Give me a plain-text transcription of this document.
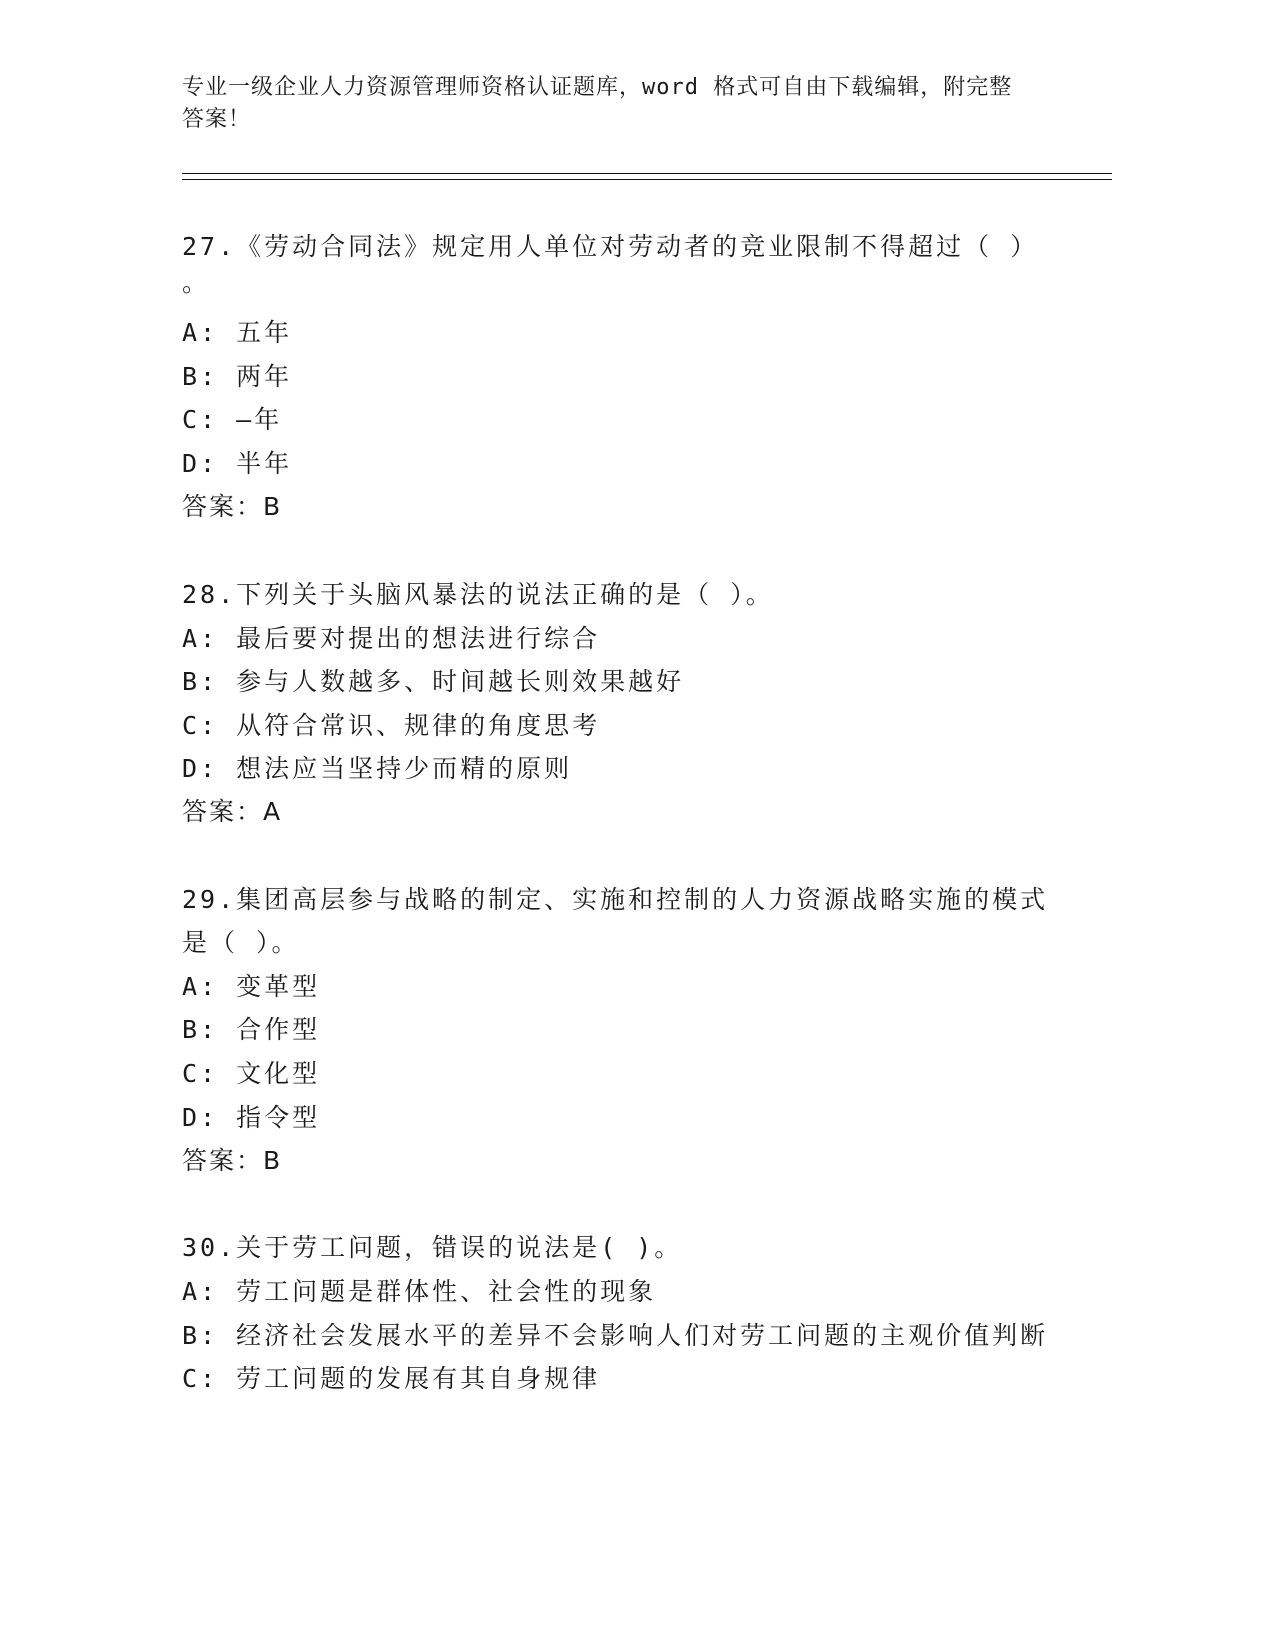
专业一级企业人力资源管理师资格认证题库，word 格式可自由下载编辑，附完整
答案！
27.《劳动合同法》规定用人单位对劳动者的竞业限制不得超过（ ）
。
A: 五年
B: 两年
C: —年
D: 半年
答案：B
28.下列关于头脑风暴法的说法正确的是（ ）。
A: 最后要对提出的想法进行综合
B: 参与人数越多、时间越长则效果越好
C: 从符合常识、规律的角度思考
D: 想法应当坚持少而精的原则
答案：A
29.集团高层参与战略的制定、实施和控制的人力资源战略实施的模式
是（ ）。
A: 变革型
B: 合作型
C: 文化型
D: 指令型
答案：B
30.关于劳工问题，错误的说法是( )。
A: 劳工问题是群体性、社会性的现象
B: 经济社会发展水平的差异不会影响人们对劳工问题的主观价值判断
C: 劳工问题的发展有其自身规律
